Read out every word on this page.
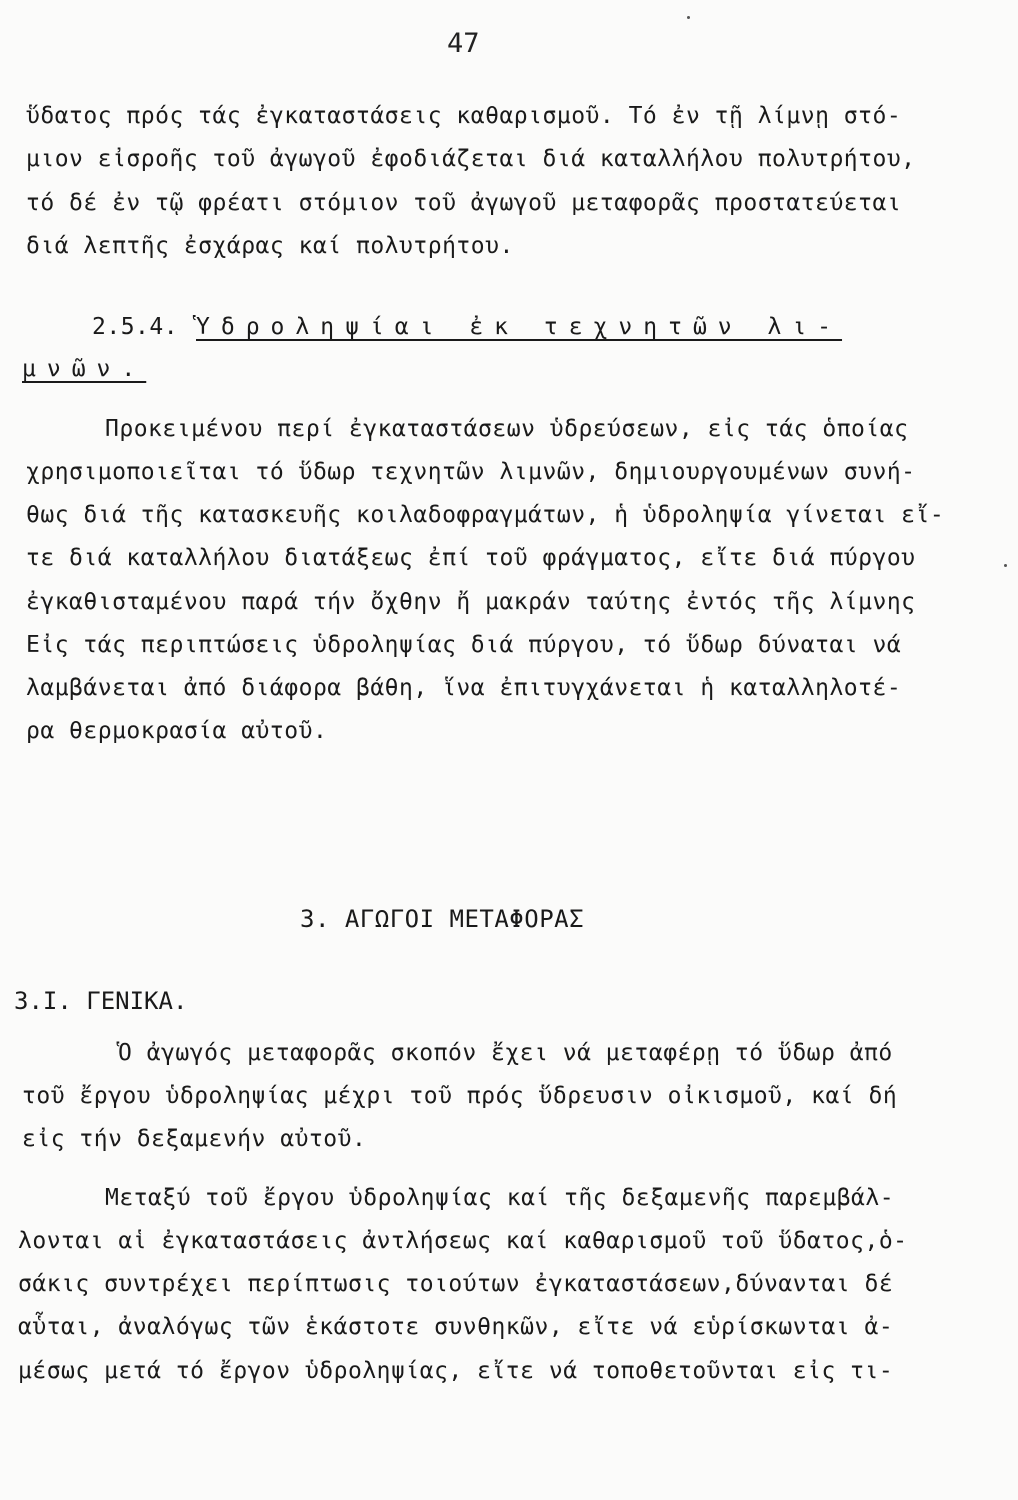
47
ὕδατος πρός τάς ἐγκαταστάσεις καθαρισμοῦ. Τό ἐν τῇ λίμνῃ στό-
μιον εἰσροῆς τοῦ ἀγωγοῦ ἐφοδιάζεται διά καταλλήλου πολυτρήτου,
τό δέ ἐν τῷ φρέατι στόμιον τοῦ ἀγωγοῦ μεταφορᾶς προστατεύεται
διά λεπτῆς ἐσχάρας καί πολυτρήτου.
2.5.4. Ὑδροληψίαι ἐκ τεχνητῶν λι-
μνῶν.
Προκειμένου περί ἐγκαταστάσεων ὑδρεύσεων, εἰς τάς ὁποίας
χρησιμοποιεῖται τό ὕδωρ τεχνητῶν λιμνῶν, δημιουργουμένων συνή-
θως διά τῆς κατασκευῆς κοιλαδοφραγμάτων, ἡ ὑδροληψία γίνεται εἴ-
τε διά καταλλήλου διατάξεως ἐπί τοῦ φράγματος, εἴτε διά πύργου
ἐγκαθισταμένου παρά τήν ὄχθην ἤ μακράν ταύτης ἐντός τῆς λίμνης
Εἰς τάς περιπτώσεις ὑδροληψίας διά πύργου, τό ὕδωρ δύναται νά
λαμβάνεται ἀπό διάφορα βάθη, ἵνα ἐπιτυγχάνεται ἡ καταλληλοτέ-
ρα θερμοκρασία αὐτοῦ.
3. ΑΓΩΓΟΙ ΜΕΤΑΦΟΡΑΣ
3.Ι. ΓΕΝΙΚΑ.
Ὁ ἀγωγός μεταφορᾶς σκοπόν ἔχει νά μεταφέρῃ τό ὕδωρ ἀπό
τοῦ ἔργου ὑδροληψίας μέχρι τοῦ πρός ὕδρευσιν οἰκισμοῦ, καί δή
εἰς τήν δεξαμενήν αὐτοῦ.
Μεταξύ τοῦ ἔργου ὑδροληψίας καί τῆς δεξαμενῆς παρεμβάλ-
λονται αἱ ἐγκαταστάσεις ἀντλήσεως καί καθαρισμοῦ τοῦ ὕδατος,ὁ-
σάκις συντρέχει περίπτωσις τοιούτων ἐγκαταστάσεων,δύνανται δέ
αὗται, ἀναλόγως τῶν ἑκάστοτε συνθηκῶν, εἴτε νά εὑρίσκωνται ἀ-
μέσως μετά τό ἔργον ὑδροληψίας, εἴτε νά τοποθετοῦνται εἰς τι-
